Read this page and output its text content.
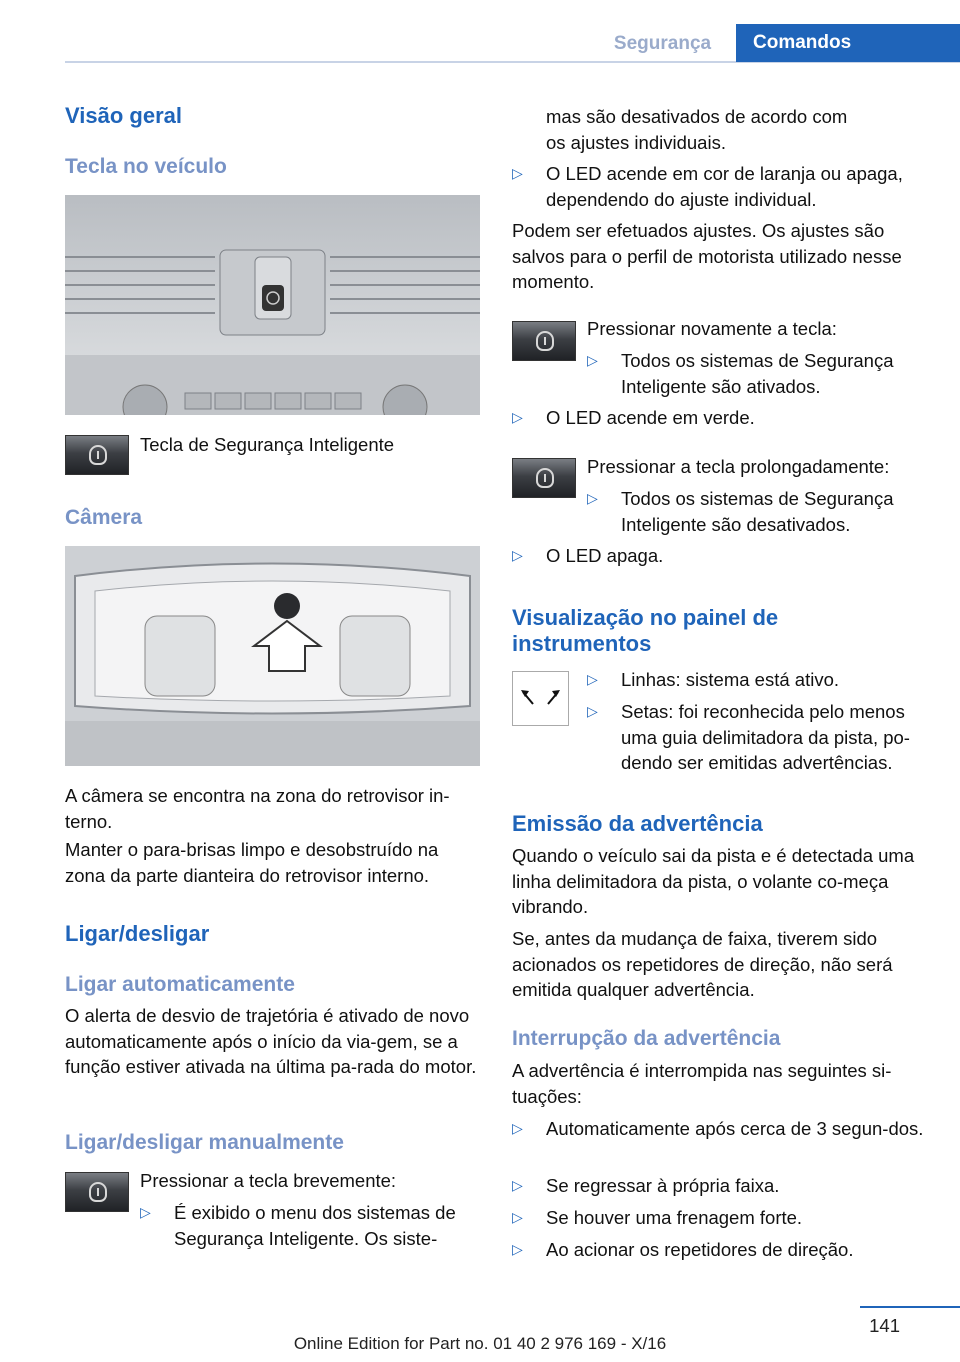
Segurança	Comandos
Visão geral
Tecla no veículo
Tecla de Segurança Inteligente
Câmera
A câmera se encontra na zona do retrovisor in-terno.
Manter o para-brisas limpo e desobstruído na zona da parte dianteira do retrovisor interno.
Ligar/desligar
Ligar automaticamente
O alerta de desvio de trajetória é ativado de novo automaticamente após o início da via-gem, se a função estiver ativada na última pa-rada do motor.
Ligar/desligar manualmente
Pressionar a tecla brevemente:
▷ É exibido o menu dos sistemas de Segurança Inteligente. Os siste-
mas são desativados de acordo com os ajustes individuais.
▷ O LED acende em cor de laranja ou apaga, dependendo do ajuste individual.
Podem ser efetuados ajustes. Os ajustes são salvos para o perfil de motorista utilizado nesse momento.
Pressionar novamente a tecla:
▷ Todos os sistemas de Segurança Inteligente são ativados.
▷ O LED acende em verde.
Pressionar a tecla prolongadamente:
▷ Todos os sistemas de Segurança Inteligente são desativados.
▷ O LED apaga.
Visualização no painel de instrumentos
▷ Linhas: sistema está ativo.
▷ Setas: foi reconhecida pelo menos uma guia delimitadora da pista, po-dendo ser emitidas advertências.
Emissão da advertência
Quando o veículo sai da pista e é detectada uma linha delimitadora da pista, o volante co-meça vibrando.
Se, antes da mudança de faixa, tiverem sido acionados os repetidores de direção, não será emitida qualquer advertência.
Interrupção da advertência
A advertência é interrompida nas seguintes si-tuações:
▷ Automaticamente após cerca de 3 segun-dos.
▷ Se regressar à própria faixa.
▷ Se houver uma frenagem forte.
▷ Ao acionar os repetidores de direção.
141
Online Edition for Part no. 01 40 2 976 169 - X/16
